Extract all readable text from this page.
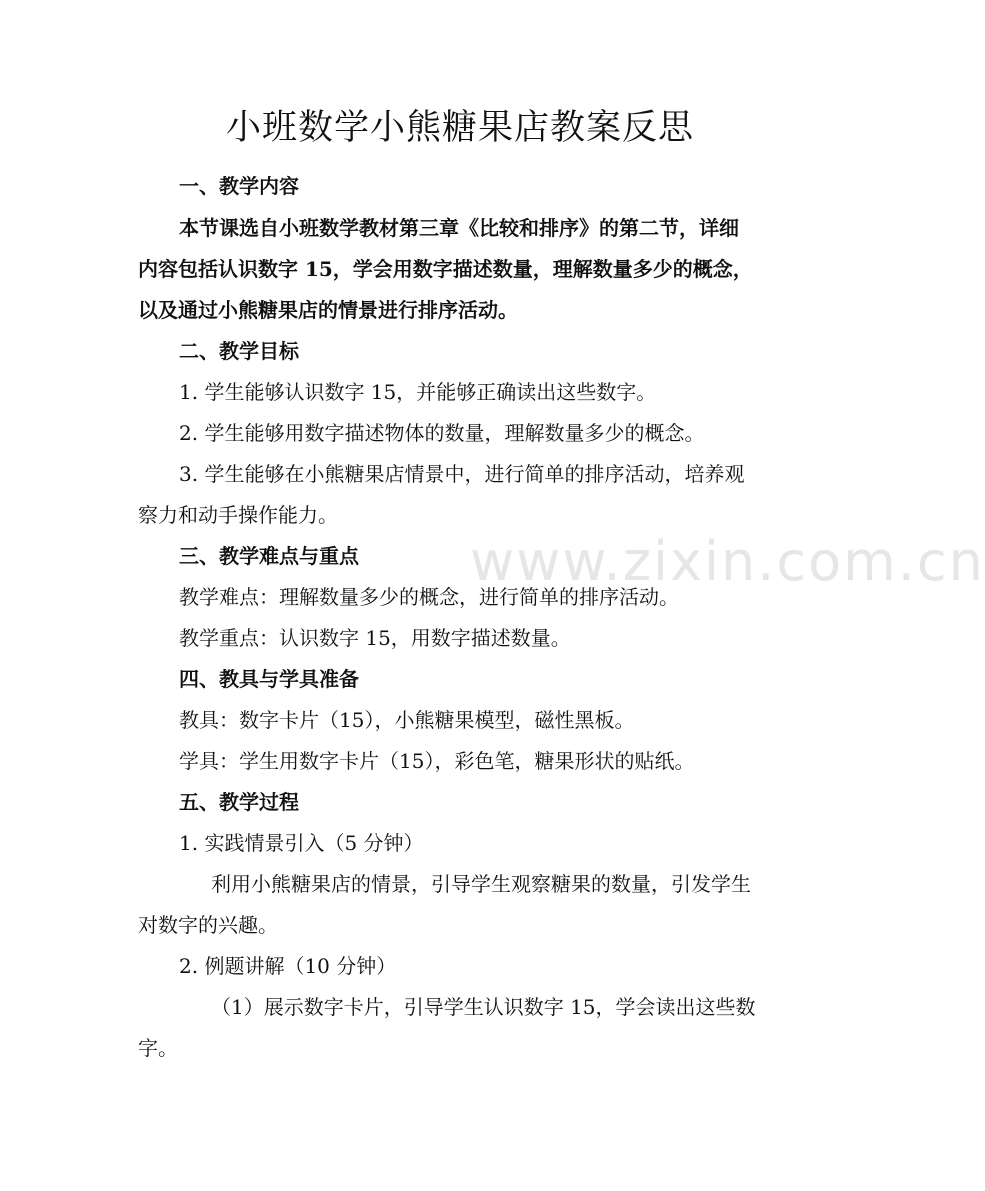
www.zixin.com.cn
小班数学小熊糖果店教案反思

一、教学内容

本节课选自小班数学教材第三章《比较和排序》的第二节，详细

内容包括认识数字 15，学会用数字描述数量，理解数量多少的概念，

以及通过小熊糖果店的情景进行排序活动。

二、教学目标

1. 学生能够认识数字 15，并能够正确读出这些数字。

2. 学生能够用数字描述物体的数量，理解数量多少的概念。

3. 学生能够在小熊糖果店情景中，进行简单的排序活动，培养观

察力和动手操作能力。

三、教学难点与重点

教学难点：理解数量多少的概念，进行简单的排序活动。

教学重点：认识数字 15，用数字描述数量。

四、教具与学具准备

教具：数字卡片（15），小熊糖果模型，磁性黑板。

学具：学生用数字卡片（15），彩色笔，糖果形状的贴纸。

五、教学过程

1. 实践情景引入（5 分钟）

利用小熊糖果店的情景，引导学生观察糖果的数量，引发学生

对数字的兴趣。

2. 例题讲解（10 分钟）

（1）展示数字卡片，引导学生认识数字 15，学会读出这些数

字。
